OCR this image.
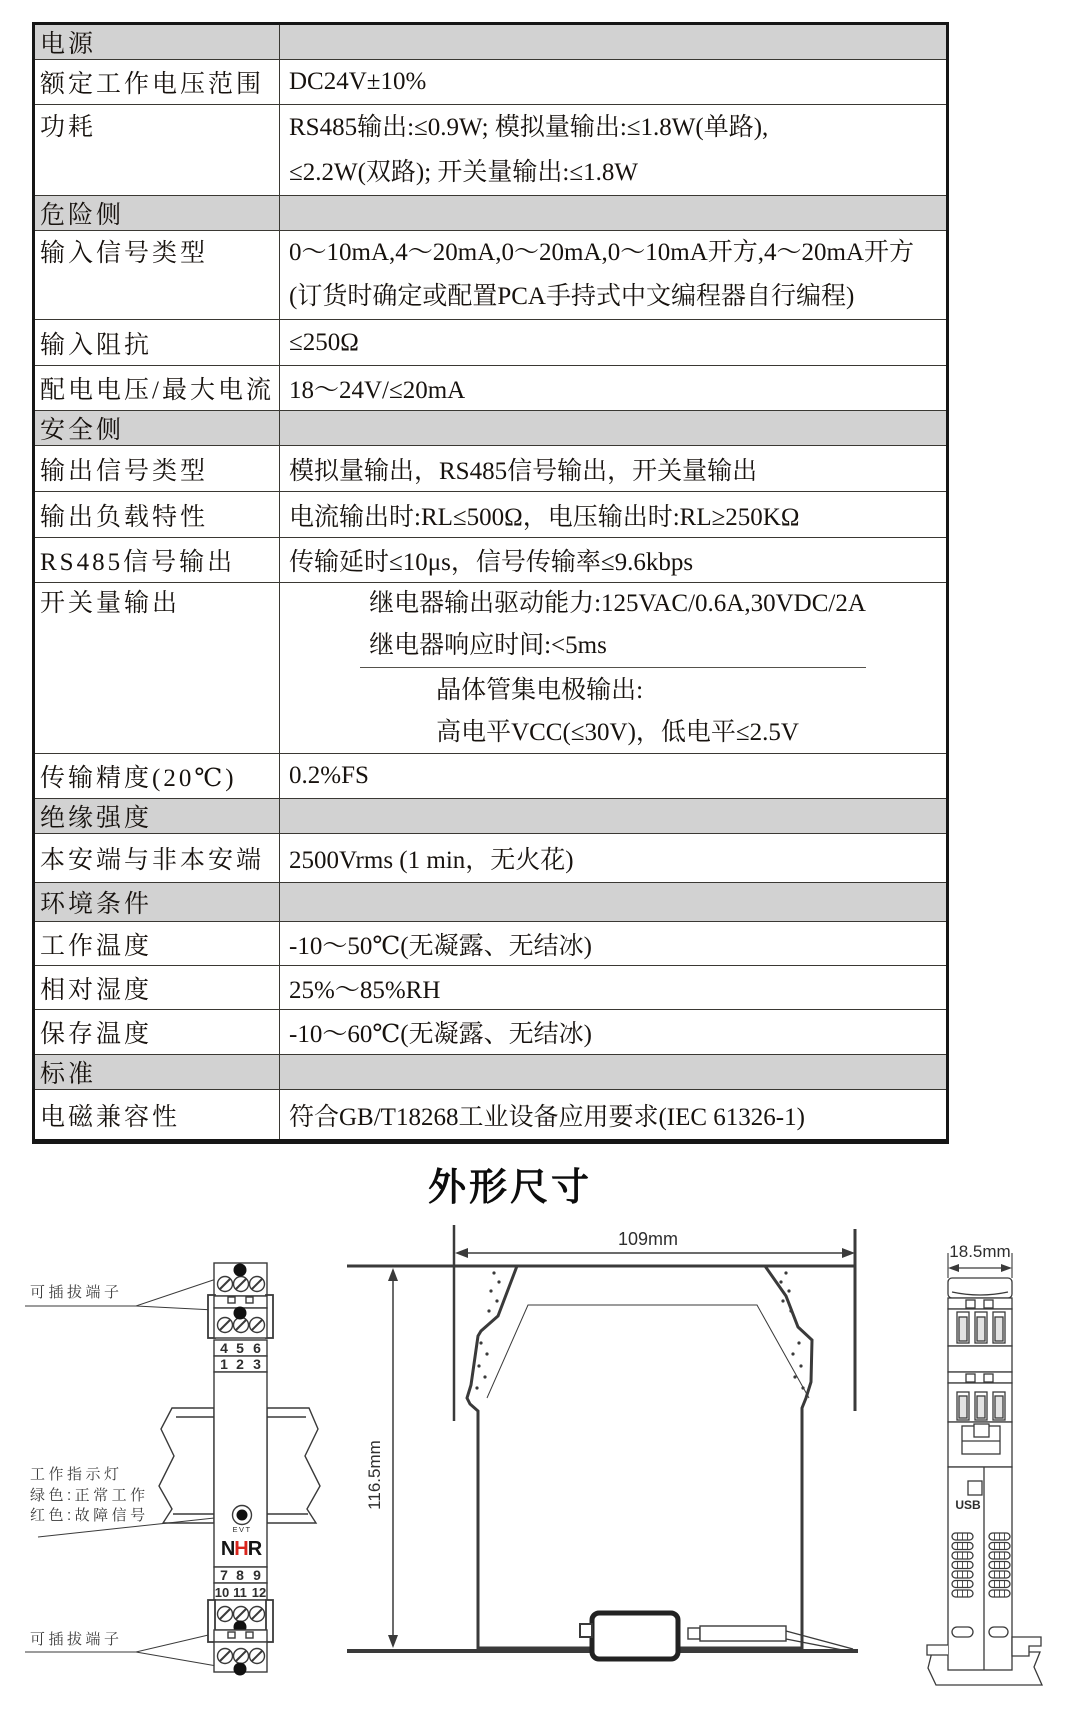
电源
额定工作电压范围 DC24V±10%
功耗	RS485输出:≤0.9W; 模拟量输出:≤1.8W(单路),
≤2.2W(双路); 开关量输出:≤1.8W
危险侧
输入信号类型	0～10mA,4～20mA,0～20mA,0～10mA开方,4～20mA开方
(订货时确定或配置PCA手持式中文编程器自行编程)
输入阻抗	≤250Ω
配电电压/最大电流 18～24V/≤20mA
安全侧
输出信号类型	模拟量输出，RS485信号输出，开关量输出
输出负载特性	电流输出时:RL≤500Ω，电压输出时:RL≥250KΩ
RS485信号输出	传输延时≤10μs，信号传输率≤9.6kbps
开关量输出	继电器输出驱动能力:125VAC/0.6A,30VDC/2A
继电器响应时间:<5ms
晶体管集电极输出:
高电平VCC(≤30V)，低电平≤2.5V
传输精度(20℃)	0.2%FS
绝缘强度
本安端与非本安端 2500Vrms (1 min，无火花)
环境条件
工作温度	-10～50℃(无凝露、无结冰)
相对湿度	25%～85%RH
保存温度	-10～60℃(无凝露、无结冰)
标准
电磁兼容性	符合GB/T18268工业设备应用要求(IEC 61326-1)
外形尺寸
可插拔端子
工作指示灯
绿色:正常工作
红色:故障信号
可插拔端子
4 5 6
1 2 3
EVT
NHR
7 8 9
10 11 12
109mm
116.5mm
18.5mm
USB
